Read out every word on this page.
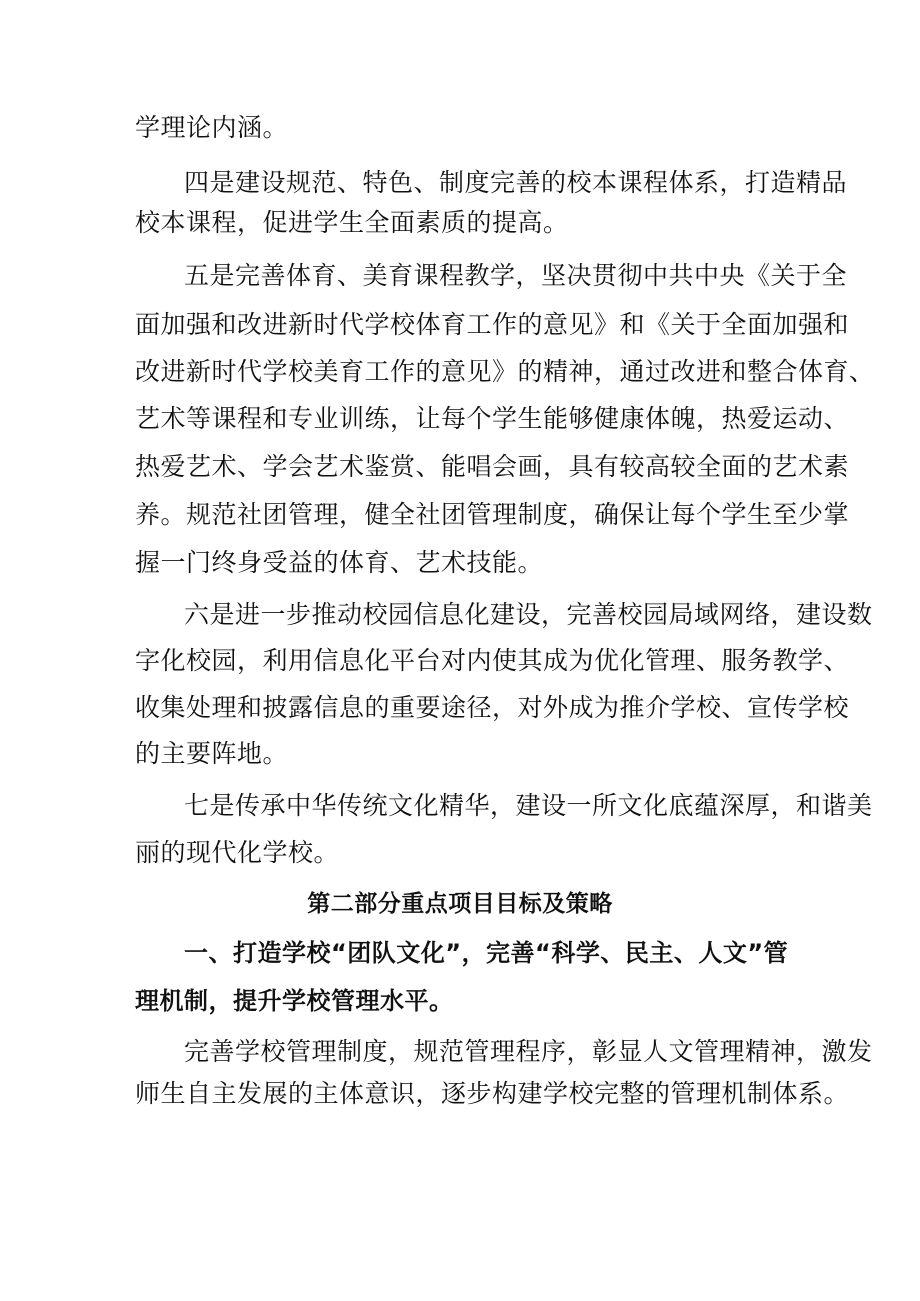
学理论内涵。
四是建设规范、特色、制度完善的校本课程体系，打造精品
校本课程，促进学生全面素质的提高。
五是完善体育、美育课程教学，坚决贯彻中共中央《关于全
面加强和改进新时代学校体育工作的意见》和《关于全面加强和
改进新时代学校美育工作的意见》的精神，通过改进和整合体育、
艺术等课程和专业训练，让每个学生能够健康体魄，热爱运动、
热爱艺术、学会艺术鉴赏、能唱会画，具有较高较全面的艺术素
养。规范社团管理，健全社团管理制度，确保让每个学生至少掌
握一门终身受益的体育、艺术技能。
六是进一步推动校园信息化建设，完善校园局域网络，建设数
字化校园，利用信息化平台对内使其成为优化管理、服务教学、
收集处理和披露信息的重要途径，对外成为推介学校、宣传学校
的主要阵地。
七是传承中华传统文化精华，建设一所文化底蕴深厚，和谐美
丽的现代化学校。
第二部分重点项目目标及策略
一、打造学校“团队文化”，完善“科学、民主、人文”管
理机制，提升学校管理水平。
完善学校管理制度，规范管理程序，彰显人文管理精神，激发
师生自主发展的主体意识，逐步构建学校完整的管理机制体系。
